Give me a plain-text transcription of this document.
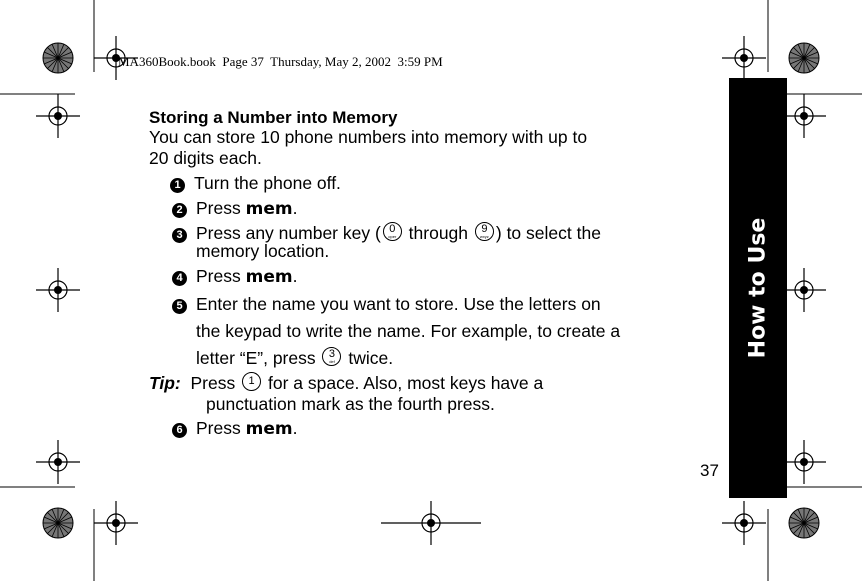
MA360Book.book  Page 37  Thursday, May 2, 2002  3:59 PM
How to Use
Storing a Number into Memory
You can store 10 phone numbers into memory with up to
20 digits each.
1 Turn the phone off.
2 Press mem.
3 Press any number key ( 0
oper through 9
wxyz ) to select the
memory location.
4 Press mem.
5 Enter the name you want to store. Use the letters on
the keypad to write the name. For example, to create a
letter “E”, press 3
def twice.
Tip: Press 1 for a space. Also, most keys have a
punctuation mark as the fourth press.
6 Press mem.
37
